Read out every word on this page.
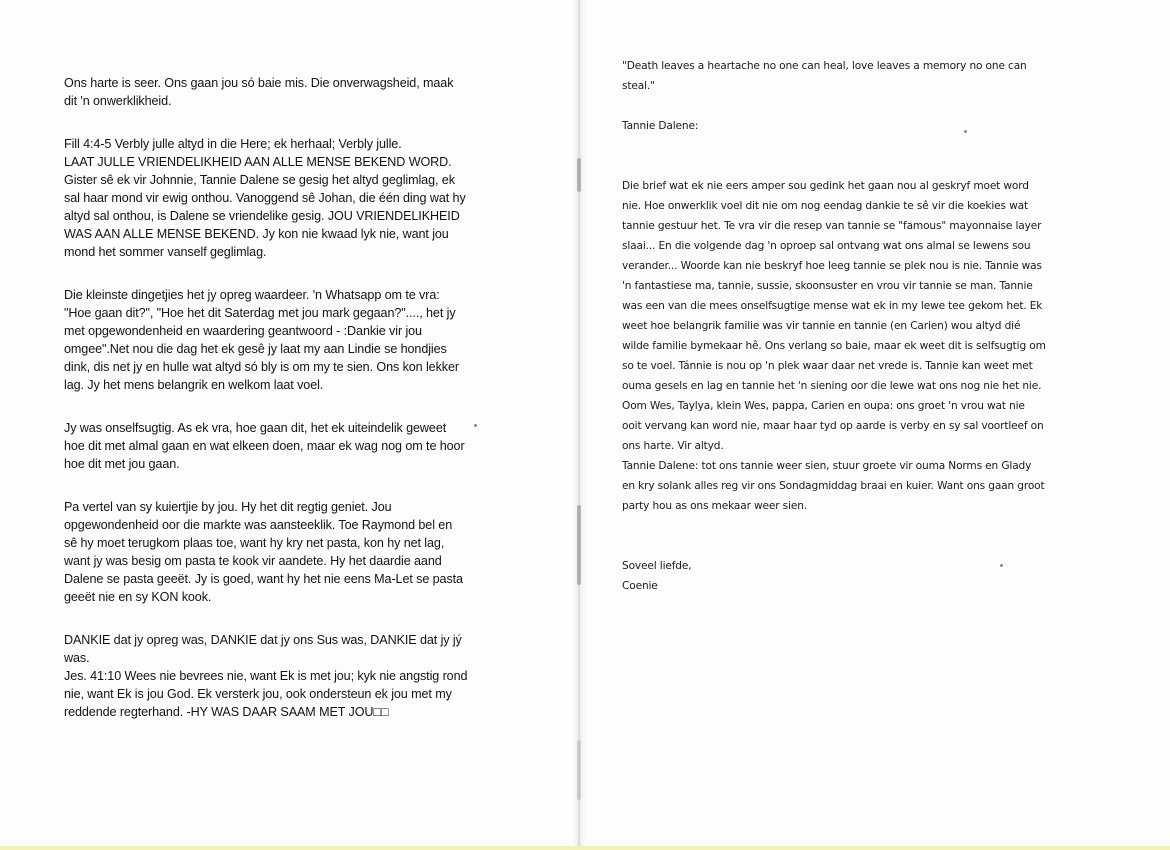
Ons harte is seer. Ons gaan jou só baie mis. Die onverwagsheid, maak
dit 'n onwerklikheid.

Fill 4:4-5 Verbly julle altyd in die Here; ek herhaal; Verbly julle.
LAAT JULLE VRIENDELIKHEID AAN ALLE MENSE BEKEND WORD.
Gister sê ek vir Johnnie, Tannie Dalene se gesig het altyd geglimlag, ek
sal haar mond vir ewig onthou. Vanoggend sê Johan, die één ding wat hy
altyd sal onthou, is Dalene se vriendelike gesig. JOU VRIENDELIKHEID
WAS AAN ALLE MENSE BEKEND. Jy kon nie kwaad lyk nie, want jou
mond het sommer vanself geglimlag.

Die kleinste dingetjies het jy opreg waardeer. 'n Whatsapp om te vra:
"Hoe gaan dit?", "Hoe het dit Saterdag met jou mark gegaan?"...., het jy
met opgewondenheid en waardering geantwoord - :Dankie vir jou
omgee".Net nou die dag het ek gesê jy laat my aan Lindie se hondjies
dink, dis net jy en hulle wat altyd só bly is om my te sien. Ons kon lekker
lag. Jy het mens belangrik en welkom laat voel.

Jy was onselfsugtig. As ek vra, hoe gaan dit, het ek uiteindelik geweet
hoe dit met almal gaan en wat elkeen doen, maar ek wag nog om te hoor
hoe dit met jou gaan.

Pa vertel van sy kuiertjie by jou. Hy het dit regtig geniet. Jou
opgewondenheid oor die markte was aansteeklik. Toe Raymond bel en
sê hy moet terugkom plaas toe, want hy kry net pasta, kon hy net lag,
want jy was besig om pasta te kook vir aandete. Hy het daardie aand
Dalene se pasta geeët. Jy is goed, want hy het nie eens Ma-Let se pasta
geeët nie en sy KON kook.

DANKIE dat jy opreg was, DANKIE dat jy ons Sus was, DANKIE dat jy jý
was.
Jes. 41:10 Wees nie bevrees nie, want Ek is met jou; kyk nie angstig rond
nie, want Ek is jou God. Ek versterk jou, ook ondersteun ek jou met my
reddende regterhand. -HY WAS DAAR SAAM MET JOU□□

"Death leaves a heartache no one can heal, love leaves a memory no one can
steal."

Tannie Dalene:

Die brief wat ek nie eers amper sou gedink het gaan nou al geskryf moet word
nie. Hoe onwerklik voel dit nie om nog eendag dankie te sê vir die koekies wat
tannie gestuur het. Te vra vir die resep van tannie se "famous" mayonnaise layer
slaai... En die volgende dag 'n oproep sal ontvang wat ons almal se lewens sou
verander... Woorde kan nie beskryf hoe leeg tannie se plek nou is nie. Tannie was
'n fantastiese ma, tannie, sussie, skoonsuster en vrou vir tannie se man. Tannie
was een van die mees onselfsugtige mense wat ek in my lewe tee gekom het. Ek
weet hoe belangrik familie was vir tannie en tannie (en Carien) wou altyd dié
wilde familie bymekaar hê. Ons verlang so baie, maar ek weet dit is selfsugtig om
so te voel. Tánnie is nou op 'n plek waar daar net vrede is. Tannie kan weet met
ouma gesels en lag en tannie het 'n siening oor die lewe wat ons nog nie het nie.
Oom Wes, Taylya, klein Wes, pappa, Carien en oupa: ons groet 'n vrou wat nie
ooit vervang kan word nie, maar haar tyd op aarde is verby en sy sal voortleef on
ons harte. Vir altyd.
Tannie Dalene: tot ons tannie weer sien, stuur groete vir ouma Norms en Glady
en kry solank alles reg vir ons Sondagmiddag braai en kuier. Want ons gaan groot
party hou as ons mekaar weer sien.

Soveel liefde,
Coenie
